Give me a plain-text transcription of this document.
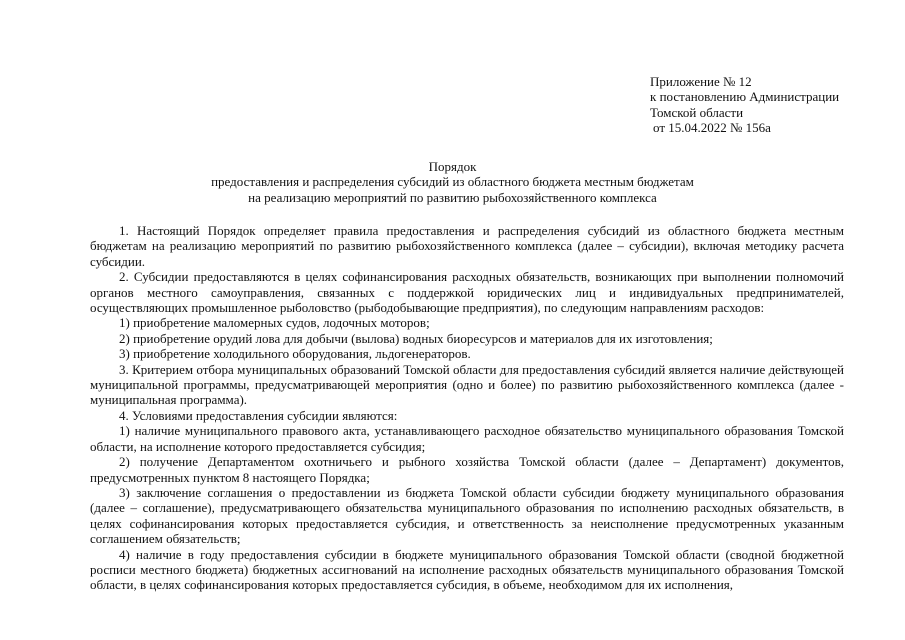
Приложение № 12
к постановлению Администрации
Томской области
от 15.04.2022 № 156а
Порядок
предоставления и распределения субсидий из областного бюджета местным бюджетам
на реализацию мероприятий по развитию рыбохозяйственного комплекса

1. Настоящий Порядок определяет правила предоставления и распределения субсидий из областного бюджета местным бюджетам на реализацию мероприятий по развитию рыбохозяйственного комплекса (далее – субсидии), включая методику расчета субсидии.

2. Субсидии предоставляются в целях софинансирования расходных обязательств, возникающих при выполнении полномочий органов местного самоуправления, связанных с поддержкой юридических лиц и индивидуальных предпринимателей, осуществляющих промышленное рыболовство (рыбодобывающие предприятия), по следующим направлениям расходов:

1) приобретение маломерных судов, лодочных моторов;

2) приобретение орудий лова для добычи (вылова) водных биоресурсов и материалов для их изготовления;

3) приобретение холодильного оборудования, льдогенераторов.

3. Критерием отбора муниципальных образований Томской области для предоставления субсидий является наличие действующей муниципальной программы, предусматривающей мероприятия (одно и более) по развитию рыбохозяйственного комплекса (далее - муниципальная программа).

4. Условиями предоставления субсидии являются:

1) наличие муниципального правового акта, устанавливающего расходное обязательство муниципального образования Томской области, на исполнение которого предоставляется субсидия;

2) получение Департаментом охотничьего и рыбного хозяйства Томской области (далее – Департамент) документов, предусмотренных пунктом 8 настоящего Порядка;

3) заключение соглашения о предоставлении из бюджета Томской области субсидии бюджету муниципального образования (далее – соглашение), предусматривающего обязательства муниципального образования по исполнению расходных обязательств, в целях софинансирования которых предоставляется субсидия, и ответственность за неисполнение предусмотренных указанным соглашением обязательств;

4) наличие в году предоставления субсидии в бюджете муниципального образования Томской области (сводной бюджетной росписи местного бюджета) бюджетных ассигнований на исполнение расходных обязательств муниципального образования Томской области, в целях софинансирования которых предоставляется субсидия, в объеме, необходимом для их исполнения,
